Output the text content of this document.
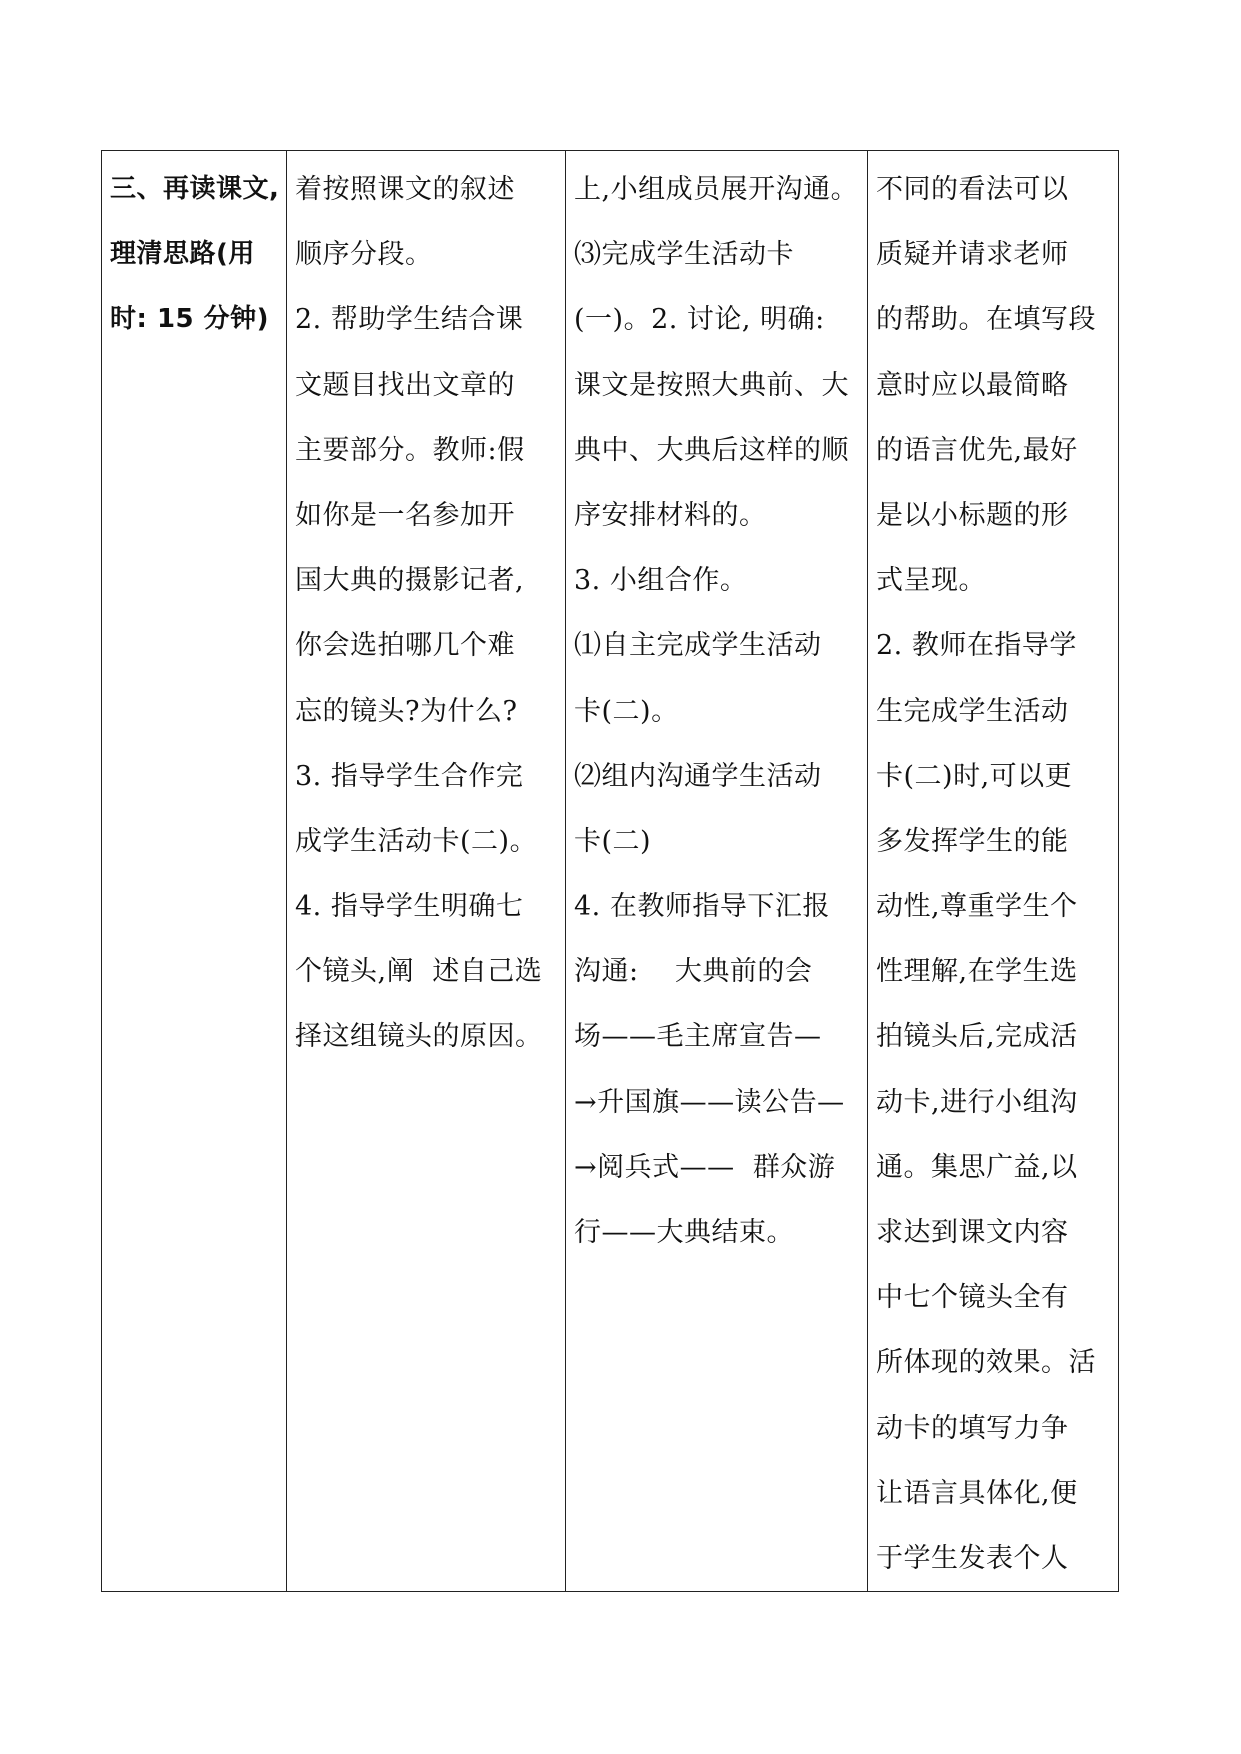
三、再读课文,
理清思路(用
时: 15 分钟)

着按照课文的叙述
顺序分段。
2. 帮助学生结合课
文题目找出文章的
主要部分。教师:假
如你是一名参加开
国大典的摄影记者,
你会选拍哪几个难
忘的镜头?为什么?
3. 指导学生合作完
成学生活动卡(二)。
4. 指导学生明确七
个镜头,阐  述自己选
择这组镜头的原因。

上,小组成员展开沟通。
⑶完成学生活动卡
(一)。2. 讨论, 明确:
课文是按照大典前、大
典中、大典后这样的顺
序安排材料的。
3. 小组合作。
⑴自主完成学生活动
卡(二)。
⑵组内沟通学生活动
卡(二)
4. 在教师指导下汇报
沟通:    大典前的会
场——毛主席宣告—
→升国旗——读公告—
→阅兵式——  群众游
行——大典结束。

不同的看法可以
质疑并请求老师
的帮助。在填写段
意时应以最简略
的语言优先,最好
是以小标题的形
式呈现。
2. 教师在指导学
生完成学生活动
卡(二)时,可以更
多发挥学生的能
动性,尊重学生个
性理解,在学生选
拍镜头后,完成活
动卡,进行小组沟
通。集思广益,以
求达到课文内容
中七个镜头全有
所体现的效果。活
动卡的填写力争
让语言具体化,便
于学生发表个人
